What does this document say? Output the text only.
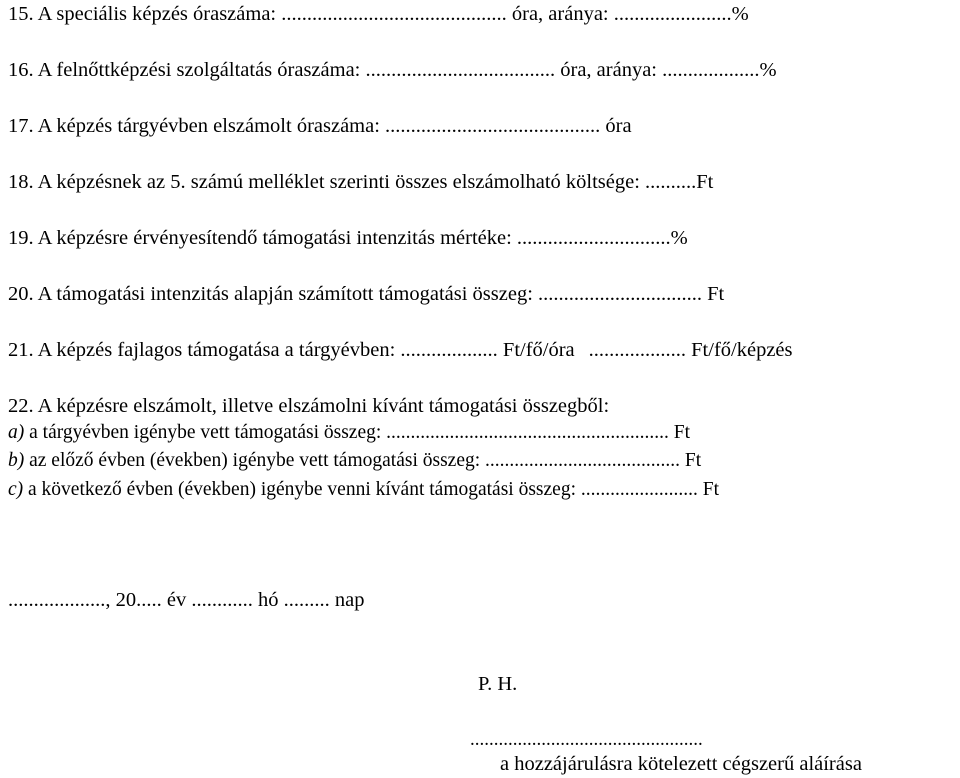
15. A speciális képzés óraszáma: ............................................ óra, aránya: .......................%
16. A felnőttképzési szolgáltatás óraszáma: ..................................... óra, aránya: ...................%
17. A képzés tárgyévben elszámolt óraszáma: .......................................... óra
18. A képzésnek az 5. számú melléklet szerinti összes elszámolható költsége: ..........Ft
19. A képzésre érvényesítendő támogatási intenzitás mértéke: ..............................%
20. A támogatási intenzitás alapján számított támogatási összeg: ................................ Ft
21. A képzés fajlagos támogatása a tárgyévben: ................... Ft/fő/óra ................... Ft/fő/képzés
22. A képzésre elszámolt, illetve elszámolni kívánt támogatási összegből:
a) a tárgyévben igénybe vett támogatási összeg: .......................................................... Ft
b) az előző évben (években) igénybe vett támogatási összeg: ........................................ Ft
c) a következő évben (években) igénybe venni kívánt támogatási összeg: ........................ Ft
..................., 20..... év ............ hó ......... nap
P. H.
.................................................
a hozzájárulásra kötelezett cégszerű aláírása
